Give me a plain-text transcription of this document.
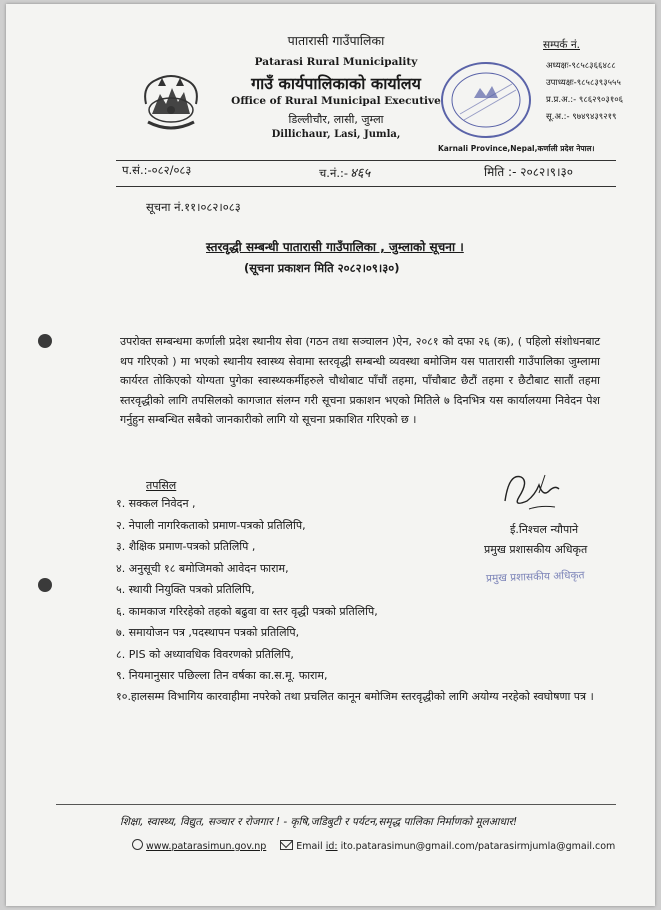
पातारासी गाउँपालिका
Patarasi Rural Municipality
गाउँ कार्यपालिकाको कार्यालय
Office of Rural Municipal Executive
डिल्लीचौर, लासी, जुम्ला
Dillichaur, Lasi, Jumla,
Karnali Province,Nepal,कर्णाली प्रदेश नेपाल।
सम्पर्क नं.
अध्यक्षः-९८५८३६६४८८
उपाध्यक्षः-९८५८३९३५५५
प्र.प्र.अ.:- ९८६२९०३१०६
सू.अ.:- ९७४९४३९२१९
प.सं.:-०८२/०८३	च.नं.:- ४६५	मिति :- २०८२।९।३०
सूचना नं.११।०८२।०८३
स्तरवृद्धी सम्बन्धी पातारासी गाउँपालिका , जुम्लाको सूचना ।
(सूचना प्रकाशन मिति २०८२।०९।३०)
उपरोक्त सम्बन्धमा कर्णाली प्रदेश स्थानीय सेवा (गठन तथा सञ्चालन )ऐन, २०८१ को दफा २६ (क), ( पहिलो संशोधनबाट थप गरिएको ) मा भएको स्थानीय स्वास्थ्य सेवामा स्तरवृद्धी सम्बन्धी व्यवस्था बमोजिम यस पातारासी गाउँपालिका जुम्लामा कार्यरत तोकिएको योग्यता पुगेका स्वास्थ्यकर्मीहरुले चौथोबाट पाँचौं तहमा, पाँचौबाट छैटौं तहमा र छैटौबाट सातौं तहमा स्तरवृद्धीको लागि तपसिलको कागजात संलग्न गरी सूचना प्रकाशन भएको मितिले ७ दिनभित्र यस कार्यालयमा निवेदन पेश गर्नुहुन सम्बन्धित सबैको जानकारीको लागि यो सूचना प्रकाशित गरिएको छ ।
तपसिल
१. सक्कल निवेदन ,
२. नेपाली नागरिकताको प्रमाण-पत्रको प्रतिलिपि,
३. शैक्षिक प्रमाण-पत्रको प्रतिलिपि ,
४. अनुसूची १८ बमोजिमको आवेदन फाराम,
५. स्थायी नियुक्ति पत्रको प्रतिलिपि,
६. कामकाज गरिरहेको तहको बढुवा वा स्तर वृद्धी पत्रको प्रतिलिपि,
७. समायोजन पत्र ,पदस्थापन पत्रको प्रतिलिपि,
८. PIS को अध्यावधिक विवरणको प्रतिलिपि,
९. नियमानुसार पछिल्ला तिन वर्षका का.स.मू. फाराम,
१०.हालसम्म विभागिय कारवाहीमा नपरेको तथा प्रचलित कानून बमोजिम स्तरवृद्धीको लागि अयोग्य नरहेको स्वघोषणा पत्र ।
ई.निश्चल न्यौपाने
प्रमुख प्रशासकीय अधिकृत
प्रमुख प्रशासकीय अधिकृत
शिक्षा, स्वास्थ्य, विद्युत, सञ्चार र रोजगार ! - कृषि,जडिबुटी र पर्यटन,समृद्ध पालिका निर्माणको मूलआधार!
www.patarasimun.gov.np	Email id: ito.patarasimun@gmail.com/patarasirmjumla@gmail.com
